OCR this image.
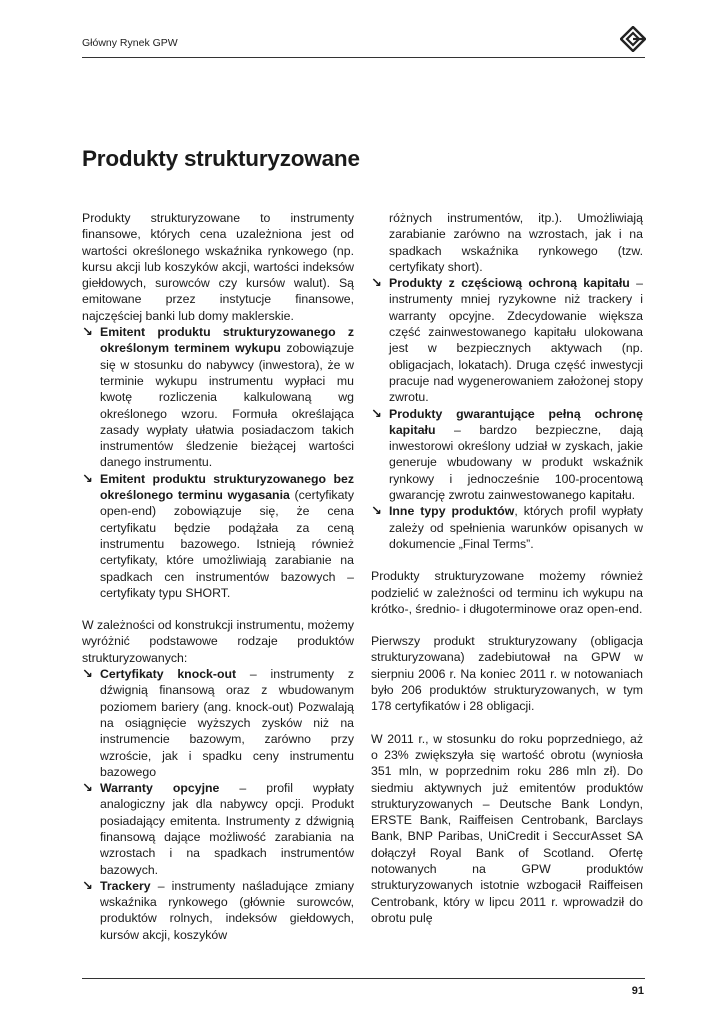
Główny Rynek GPW
Produkty strukturyzowane

Produkty strukturyzowane to instrumenty finansowe, których cena uzależniona jest od wartości określonego wskaźnika rynkowego (np. kursu akcji lub koszyków akcji, wartości indeksów giełdowych, surowców czy kursów walut). Są emitowane przez instytucje finansowe, najczęściej banki lub domy maklerskie.

↘ Emitent produktu strukturyzowanego z określonym terminem wykupu zobowiązuje się w stosunku do nabywcy (inwestora), że w terminie wykupu instrumentu wypłaci mu kwotę rozliczenia kalkulowaną wg określonego wzoru. Formuła określająca zasady wypłaty ułatwia posiadaczom takich instrumentów śledzenie bieżącej wartości danego instrumentu.
↘ Emitent produktu strukturyzowanego bez określonego terminu wygasania (certyfikaty open-end) zobowiązuje się, że cena certyfikatu będzie podążała za ceną instrumentu bazowego. Istnieją również certyfikaty, które umożliwiają zarabianie na spadkach cen instrumentów bazowych – certyfikaty typu SHORT.

W zależności od konstrukcji instrumentu, możemy wyróżnić podstawowe rodzaje produktów strukturyzowanych:

↘ Certyfikaty knock-out – instrumenty z dźwignią finansową oraz z wbudowanym poziomem bariery (ang. knock-out) Pozwalają na osiągnięcie wyższych zysków niż na instrumencie bazowym, zarówno przy wzroście, jak i spadku ceny instrumentu bazowego
↘ Warranty opcyjne – profil wypłaty analogiczny jak dla nabywcy opcji. Produkt posiadający emitenta. Instrumenty z dźwignią finansową dające możliwość zarabiania na wzrostach i na spadkach instrumentów bazowych.
↘ Trackery – instrumenty naśladujące zmiany wskaźnika rynkowego (głównie surowców, produktów rolnych, indeksów giełdowych, kursów akcji, koszyków

różnych instrumentów, itp.). Umożliwiają zarabianie zarówno na wzrostach, jak i na spadkach wskaźnika rynkowego (tzw. certyfikaty short).

↘ Produkty z częściową ochroną kapitału – instrumenty mniej ryzykowne niż trackery i warranty opcyjne. Zdecydowanie większa część zainwestowanego kapitału ulokowana jest w bezpiecznych aktywach (np. obligacjach, lokatach). Druga część inwestycji pracuje nad wygenerowaniem założonej stopy zwrotu.
↘ Produkty gwarantujące pełną ochronę kapitału – bardzo bezpieczne, dają inwestorowi określony udział w zyskach, jakie generuje wbudowany w produkt wskaźnik rynkowy i jednocześnie 100-procentową gwarancję zwrotu zainwestowanego kapitału.
↘ Inne typy produktów, których profil wypłaty zależy od spełnienia warunków opisanych w dokumencie „Final Terms”.

Produkty strukturyzowane możemy również podzielić w zależności od terminu ich wykupu na krótko-, średnio- i długoterminowe oraz open-end.

Pierwszy produkt strukturyzowany (obligacja strukturyzowana) zadebiutował na GPW w sierpniu 2006 r. Na koniec 2011 r. w notowaniach było 206 produktów strukturyzowanych, w tym 178 certyfikatów i 28 obligacji.

W 2011 r., w stosunku do roku poprzedniego, aż o 23% zwiększyła się wartość obrotu (wyniosła 351 mln, w poprzednim roku 286 mln zł). Do siedmiu aktywnych już emitentów produktów strukturyzowanych – Deutsche Bank Londyn, ERSTE Bank, Raiffeisen Centrobank, Barclays Bank, BNP Paribas, UniCredit i SeccurAsset SA dołączył Royal Bank of Scotland. Ofertę notowanych na GPW produktów strukturyzowanych istotnie wzbogacił Raiffeisen Centrobank, który w lipcu 2011 r. wprowadził do obrotu pulę

91
